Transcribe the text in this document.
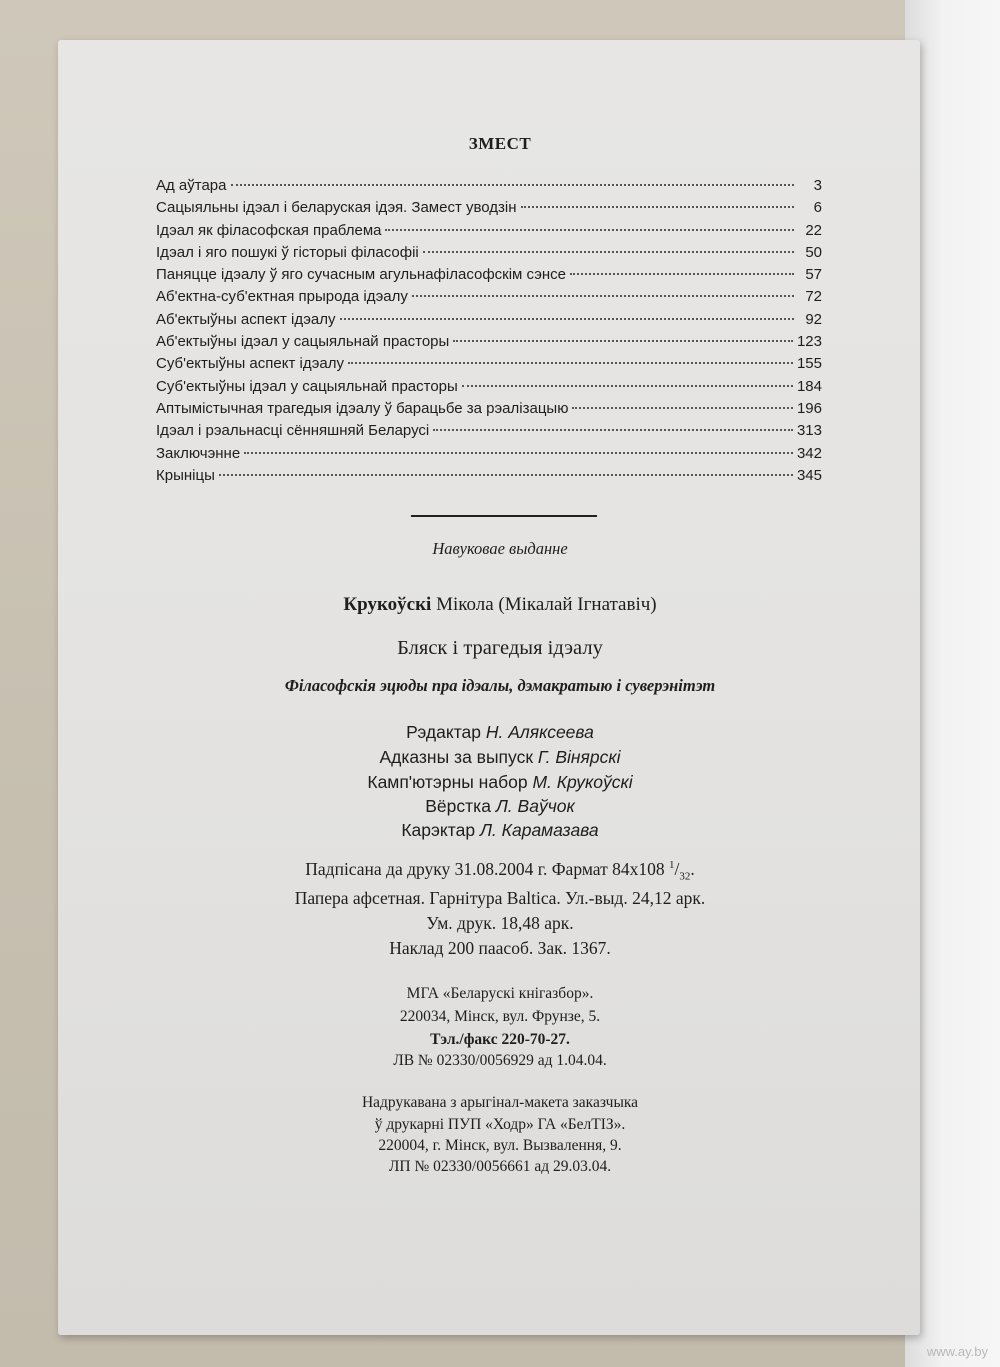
ЗМЕСТ
Ад аўтара	3
Сацыяльны ідэал і беларуская ідэя. Замест уводзін	6
Ідэал як філасофская праблема	22
Ідэал і яго пошукі ў гісторыі філасофіі	50
Паняцце ідэалу ў яго сучасным агульнафіласофскім сэнсе	57
Аб'ектна-суб'ектная прырода ідэалу	72
Аб'ектыўны аспект ідэалу	92
Аб'ектыўны ідэал у сацыяльнай прасторы	123
Суб'ектыўны аспект ідэалу	155
Суб'ектыўны ідэал у сацыяльнай прасторы	184
Аптымістычная трагедыя ідэалу ў барацьбе за рэалізацыю	196
Ідэал і рэальнасці сённяшняй Беларусі	313
Заключэнне	342
Крыніцы	345
Навуковае выданне
Крукоўскі Мікола (Мікалай Ігнатавіч)
Бляск і трагедыя ідэалу
Філасофскія эцюды пра ідэалы, дэмакратыю і суверэнітэт
Рэдактар Н. Аляксеева
Адказны за выпуск Г. Вінярскі
Камп'ютэрны набор М. Крукоўскі
Вёрстка Л. Ваўчок
Карэктар Л. Карамазава
Падпісана да друку 31.08.2004 г. Фармат 84x108 $^1/_{32}$.
Папера афсетная. Гарнітура Baltica. Ул.-выд. 24,12 арк.
Ум. друк. 18,48 арк.
Наклад 200 паасоб. Зак. 1367.
МГА «Беларускі кнігазбор».
220034, Мінск, вул. Фрунзе, 5.
Тэл./факс 220-70-27.
ЛВ № 02330/0056929 ад 1.04.04.
Надрукавана з арыгінал-макета заказчыка
ў друкарні ПУП «Ходр» ГА «БелТІЗ».
220004, г. Мінск, вул. Вызвалення, 9.
ЛП № 02330/0056661 ад 29.03.04.
www.ay.by
